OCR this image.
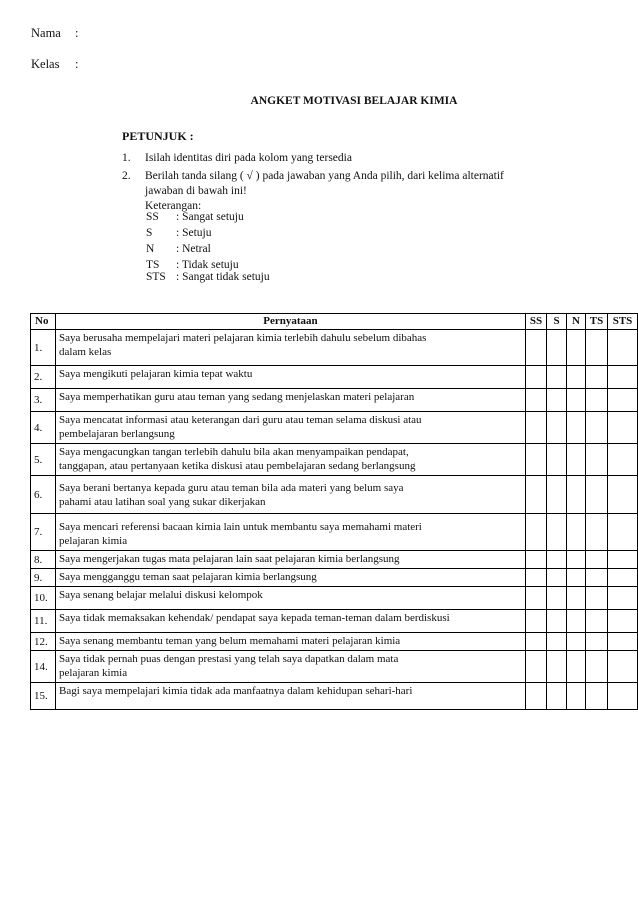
Nama :
Kelas :
ANGKET MOTIVASI BELAJAR KIMIA
PETUNJUK :
1. Isilah identitas diri pada kolom yang tersedia
2. Berilah tanda silang ( √ ) pada jawaban yang Anda pilih, dari kelima alternatif
jawaban di bawah ini!
Keterangan:
SS : Sangat setuju
S : Setuju
N : Netral
TS : Tidak setuju
STS : Sangat tidak setuju
No	Pernyataan	SS	S	N	TS	STS
1.	Saya berusaha mempelajari materi pelajaran kimia terlebih dahulu sebelum dibahas
dalam kelas					

2.	Saya mengikuti pelajaran kimia tepat waktu					

3.	Saya memperhatikan guru atau teman yang sedang menjelaskan materi pelajaran					

4.	Saya mencatat informasi atau keterangan dari guru atau teman selama diskusi atau
pembelajaran berlangsung					

5.	Saya mengacungkan tangan terlebih dahulu bila akan menyampaikan pendapat,
tanggapan, atau pertanyaan ketika diskusi atau pembelajaran sedang berlangsung					

6.	Saya berani bertanya kepada guru atau teman bila ada materi yang belum saya
pahami atau latihan soal yang sukar dikerjakan					

7.	Saya mencari referensi bacaan kimia lain untuk membantu saya memahami materi
pelajaran kimia					

8.	Saya mengerjakan tugas mata pelajaran lain saat pelajaran kimia berlangsung					

9.	Saya mengganggu teman saat pelajaran kimia berlangsung					

10.	Saya senang belajar melalui diskusi kelompok					

11.	Saya tidak memaksakan kehendak/ pendapat saya kepada teman-teman dalam berdiskusi					

12.	Saya senang membantu teman yang belum memahami materi pelajaran kimia					

14.	Saya tidak pernah puas dengan prestasi yang telah saya dapatkan dalam mata
pelajaran kimia					

15.	Bagi saya mempelajari kimia tidak ada manfaatnya dalam kehidupan sehari-hari					
